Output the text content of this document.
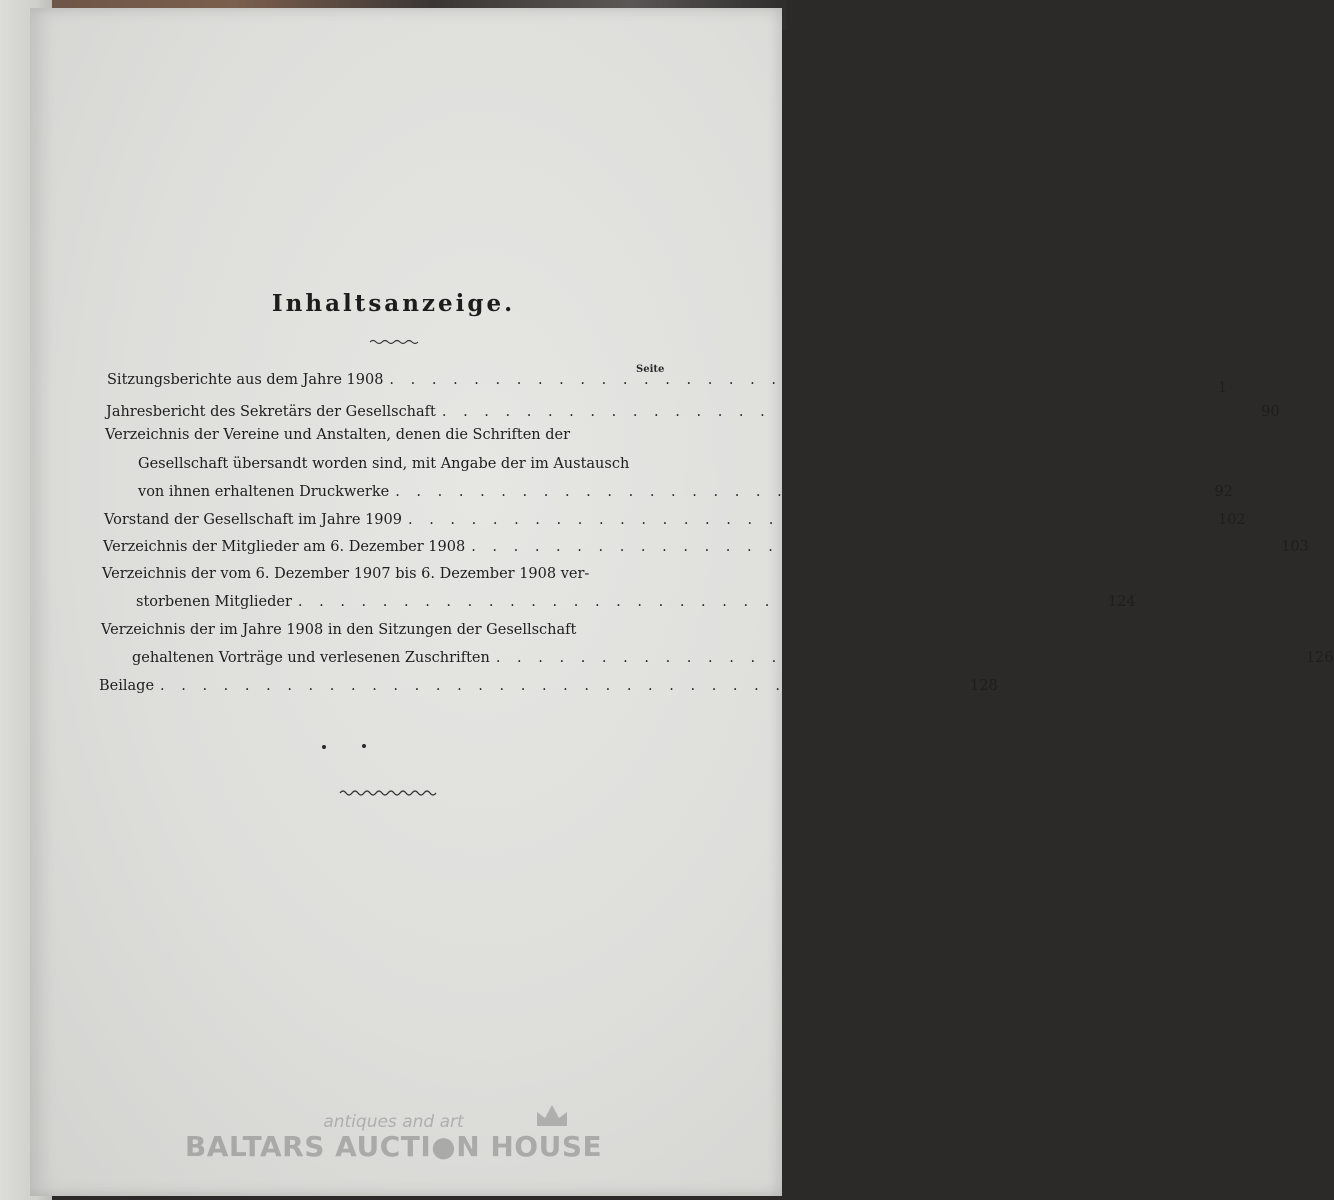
Inhaltsanzeige.
Seite
Sitzungsberichte aus dem Jahre 1908 . . . . . . . . . . . . . . . . . . . . . . . . . . . . . . . . . . . . . .	1
Jahresbericht des Sekretärs der Gesellschaft . . . . . . . . . . . . . . . . . . . . . . . . . . . . . . . . . . . . . .	90
Verzeichnis der Vereine und Anstalten, denen die Schriften der
Gesellschaft übersandt worden sind, mit Angabe der im Austausch
von ihnen erhaltenen Druckwerke . . . . . . . . . . . . . . . . . . . . . . . . . . . . . . . . . . . . . .	92
Vorstand der Gesellschaft im Jahre 1909 . . . . . . . . . . . . . . . . . . . . . . . . . . . . . . . . . . . . . . 102
Verzeichnis der Mitglieder am 6. Dezember 1908 . . . . . . . . . . . . . . . . . . . . . . . . . . . . . . . . . . . . . . 103
Verzeichnis der vom 6. Dezember 1907 bis 6. Dezember 1908 ver-
storbenen Mitglieder . . . . . . . . . . . . . . . . . . . . . . . . . . . . . . . . . . . . . . 124
Verzeichnis der im Jahre 1908 in den Sitzungen der Gesellschaft
gehaltenen Vorträge und verlesenen Zuschriften . . . . . . . . . . . . . . . . . . . . . . . . . . . . . . . . . . . . . . 126
Beilage . . . . . . . . . . . . . . . . . . . . . . . . . . . . . . . . . . . . . . 128
antiques and art
BALTARS AUCTI●N HOUSE
